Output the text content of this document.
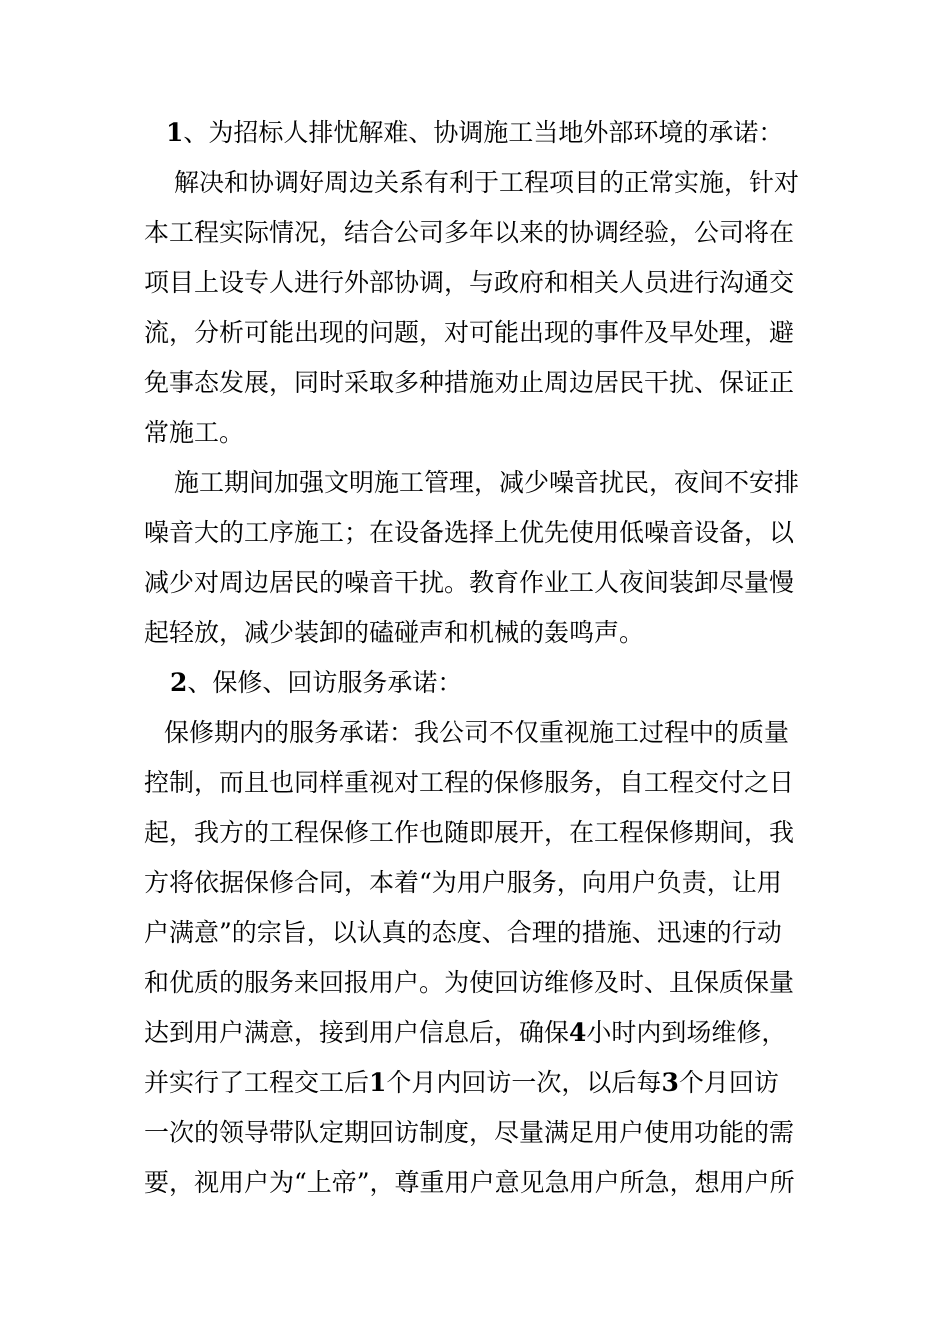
1、为招标人排忧解难、协调施工当地外部环境的承诺：
解决和协调好周边关系有利于工程项目的正常实施，针对
本工程实际情况，结合公司多年以来的协调经验，公司将在
项目上设专人进行外部协调，与政府和相关人员进行沟通交
流，分析可能出现的问题，对可能出现的事件及早处理，避
免事态发展，同时采取多种措施劝止周边居民干扰、保证正
常施工。
施工期间加强文明施工管理，减少噪音扰民，夜间不安排
噪音大的工序施工；在设备选择上优先使用低噪音设备，以
减少对周边居民的噪音干扰。教育作业工人夜间装卸尽量慢
起轻放，减少装卸的磕碰声和机械的轰鸣声。
2、保修、回访服务承诺：
保修期内的服务承诺：我公司不仅重视施工过程中的质量
控制，而且也同样重视对工程的保修服务，自工程交付之日
起，我方的工程保修工作也随即展开，在工程保修期间，我
方将依据保修合同，本着“为用户服务，向用户负责，让用
户满意”的宗旨，以认真的态度、合理的措施、迅速的行动
和优质的服务来回报用户。为使回访维修及时、且保质保量
达到用户满意，接到用户信息后，确保4小时内到场维修，
并实行了工程交工后1个月内回访一次，以后每3个月回访
一次的领导带队定期回访制度，尽量满足用户使用功能的需
要，视用户为“上帝”，尊重用户意见急用户所急，想用户所
